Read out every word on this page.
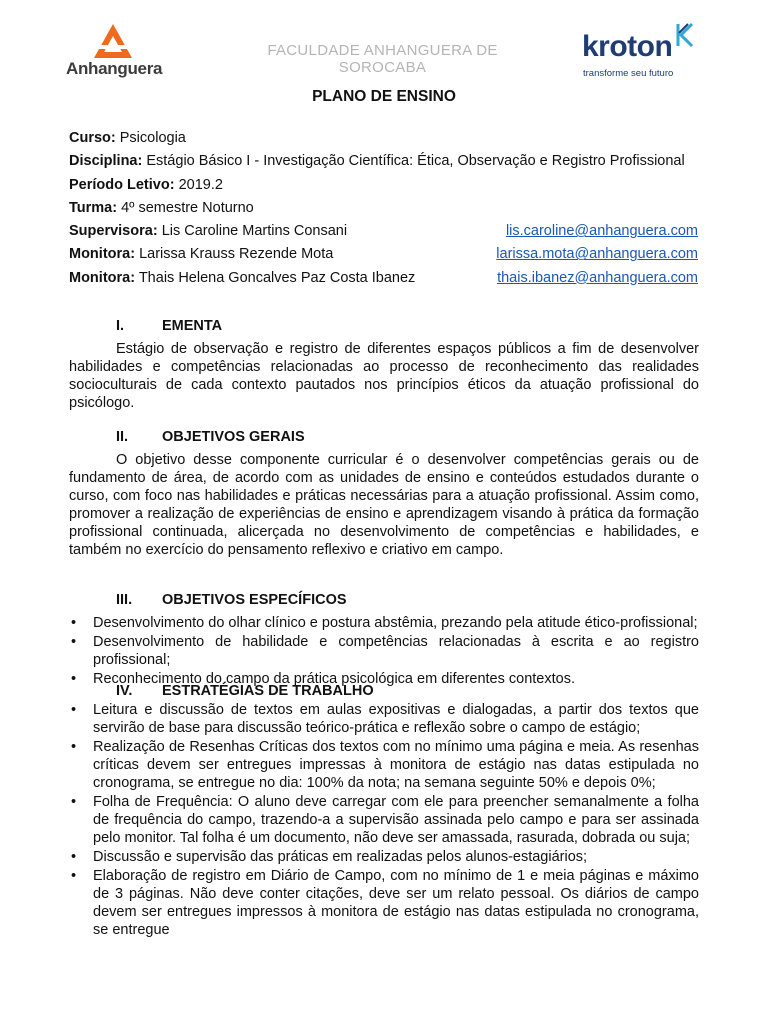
Anhanguera
FACULDADE ANHANGUERA DE SOROCABA
kroton
transforme seu futuro
PLANO DE ENSINO
Curso: Psicologia
Disciplina: Estágio Básico I - Investigação Científica: Ética, Observação e Registro Profissional
Período Letivo: 2019.2
Turma: 4º semestre Noturno
Supervisora: Lis Caroline Martins Consani	lis.caroline@anhanguera.com
Monitora: Larissa Krauss Rezende Mota	larissa.mota@anhanguera.com
Monitora: Thais Helena Goncalves Paz Costa Ibanez	thais.ibanez@anhanguera.com
I.	EMENTA

Estágio de observação e registro de diferentes espaços públicos a fim de desenvolver habilidades e competências relacionadas ao processo de reconhecimento das realidades socioculturais de cada contexto pautados nos princípios éticos da atuação profissional do psicólogo.

II. OBJETIVOS GERAIS

O objetivo desse componente curricular é o desenvolver competências gerais ou de fundamento de área, de acordo com as unidades de ensino e conteúdos estudados durante o curso, com foco nas habilidades e práticas necessárias para a atuação profissional. Assim como, promover a realização de experiências de ensino e aprendizagem visando à prática da formação profissional continuada, alicerçada no desenvolvimento de competências e habilidades, e também no exercício do pensamento reflexivo e criativo em campo.

III. OBJETIVOS ESPECÍFICOS
• Desenvolvimento do olhar clínico e postura abstêmia, prezando pela atitude ético-profissional;
• Desenvolvimento de habilidade e competências relacionadas à escrita e ao registro profissional;
• Reconhecimento do campo da prática psicológica em diferentes contextos.
IV. ESTRATÉGIAS DE TRABALHO
• Leitura e discussão de textos em aulas expositivas e dialogadas, a partir dos textos que servirão de base para discussão teórico-prática e reflexão sobre o campo de estágio;
• Realização de Resenhas Críticas dos textos com no mínimo uma página e meia. As resenhas críticas devem ser entregues impressas à monitora de estágio nas datas estipulada no cronograma, se entregue no dia: 100% da nota; na semana seguinte 50% e depois 0%;
• Folha de Frequência: O aluno deve carregar com ele para preencher semanalmente a folha de frequência do campo, trazendo-a a supervisão assinada pelo campo e para ser assinada pelo monitor. Tal folha é um documento, não deve ser amassada, rasurada, dobrada ou suja;
• Discussão e supervisão das práticas em realizadas pelos alunos-estagiários;
• Elaboração de registro em Diário de Campo, com no mínimo de 1 e meia páginas e máximo de 3 páginas. Não deve conter citações, deve ser um relato pessoal. Os diários de campo devem ser entregues impressos à monitora de estágio nas datas estipulada no cronograma, se entregue
